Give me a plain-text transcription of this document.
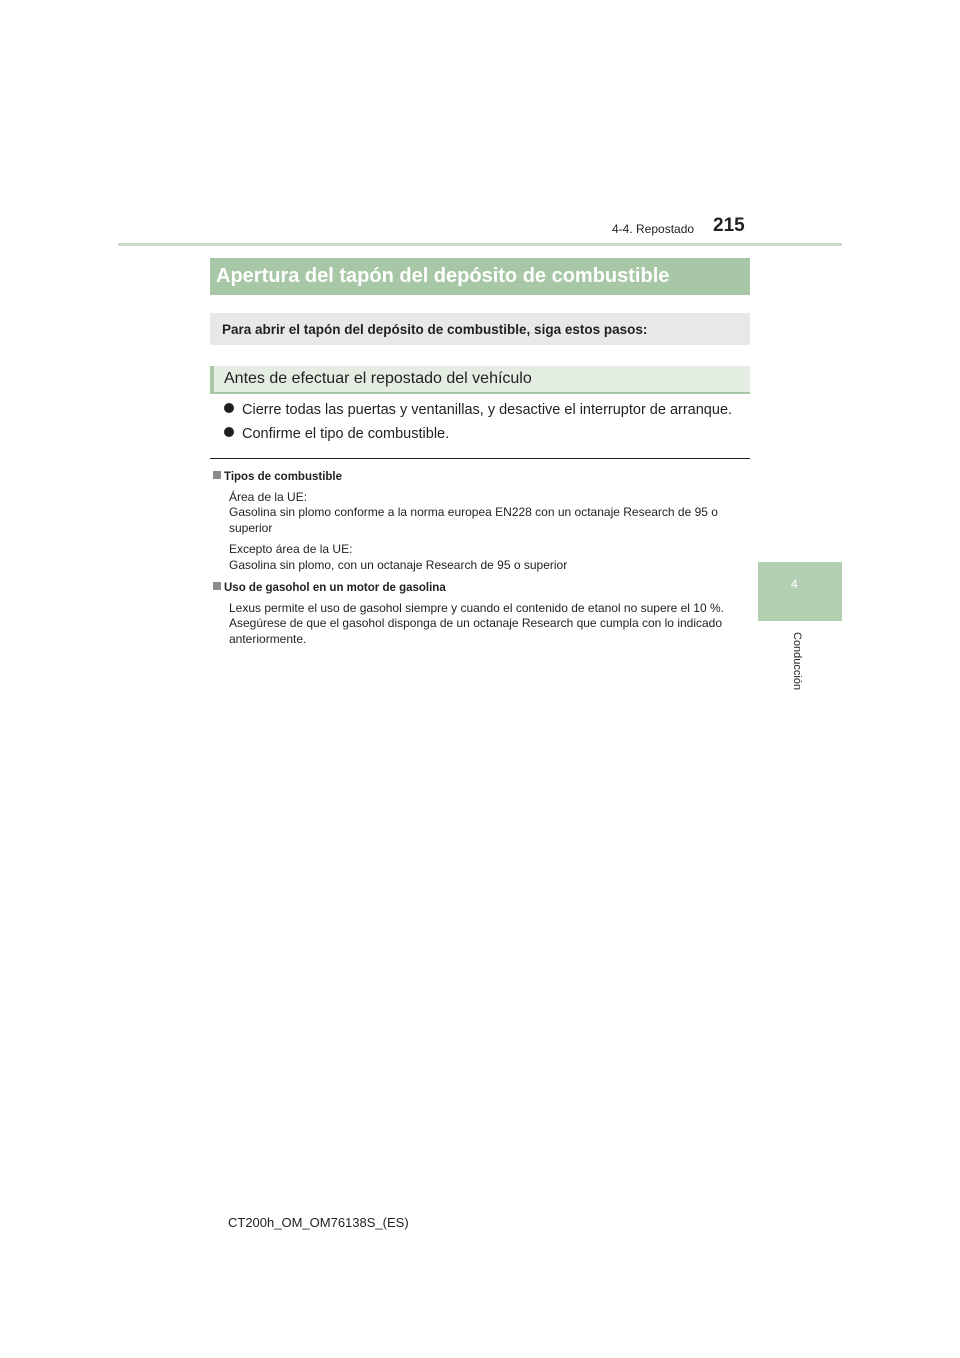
4-4. Repostado 215
4
Conducción
Apertura del tapón del depósito de combustible
Para abrir el tapón del depósito de combustible, siga estos pasos:
Antes de efectuar el repostado del vehículo
Cierre todas las puertas y ventanillas, y desactive el interruptor de arranque.
Confirme el tipo de combustible.
Tipos de combustible

Área de la UE:

Gasolina sin plomo conforme a la norma europea EN228 con un octanaje Research de 95 o superior

Excepto área de la UE:

Gasolina sin plomo, con un octanaje Research de 95 o superior

Uso de gasohol en un motor de gasolina

Lexus permite el uso de gasohol siempre y cuando el contenido de etanol no supere el 10 %. Asegúrese de que el gasohol disponga de un octanaje Research que cumpla con lo indicado anteriormente.

CT200h_OM_OM76138S_(ES)
